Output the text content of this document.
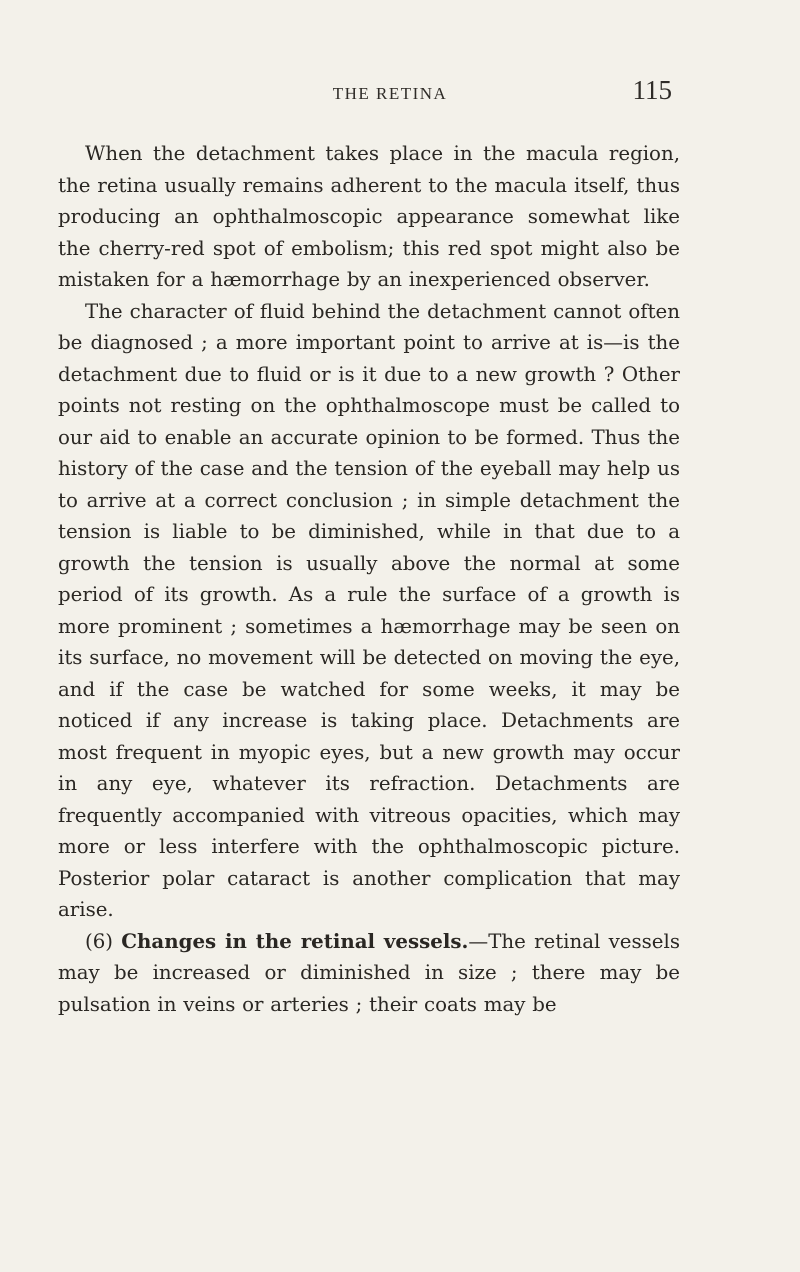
THE RETINA	115

When the detachment takes place in the macula region, the retina usually remains adherent to the macula itself, thus producing an ophthalmoscopic appearance somewhat like the cherry-red spot of embolism; this red spot might also be mistaken for a hæmorrhage by an inexperienced observer.

The character of fluid behind the detachment cannot often be diagnosed ; a more important point to arrive at is—is the detachment due to fluid or is it due to a new growth ? Other points not resting on the ophthalmoscope must be called to our aid to enable an accurate opinion to be formed. Thus the history of the case and the tension of the eyeball may help us to arrive at a correct conclusion ; in simple detachment the tension is liable to be diminished, while in that due to a growth the tension is usually above the normal at some period of its growth. As a rule the surface of a growth is more prominent ; sometimes a hæmorrhage may be seen on its surface, no movement will be detected on moving the eye, and if the case be watched for some weeks, it may be noticed if any increase is taking place. Detachments are most frequent in myopic eyes, but a new growth may occur in any eye, whatever its refraction. Detachments are frequently accompanied with vitreous opacities, which may more or less interfere with the ophthalmoscopic picture. Posterior polar cataract is another complication that may arise.

(6) Changes in the retinal vessels.—The retinal vessels may be increased or diminished in size ; there may be pulsation in veins or arteries ; their coats may be
